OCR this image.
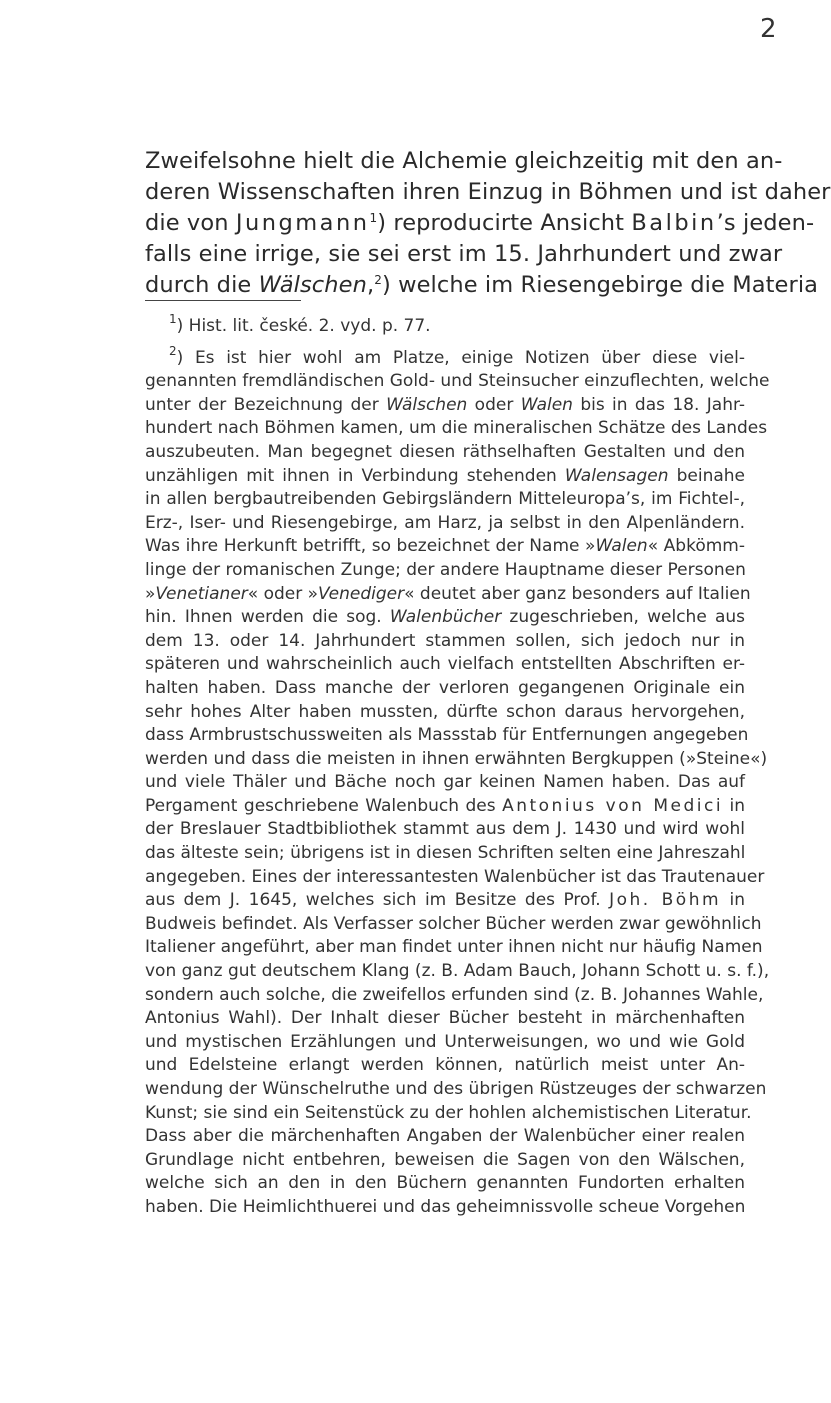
2
Zweifelsohne hielt die Alchemie gleichzeitig mit den an-
deren Wissenschaften ihren Einzug in Böhmen und ist daher
die von Jungmann$^1$) reproducirte Ansicht Balbin’s jeden-
falls eine irrige, sie sei erst im 15. Jahrhundert und zwar
durch die Wälschen,$^2$) welche im Riesengebirge die Materia
$^1$) Hist. lit. české. 2. vyd. p. 77.
$^2$) Es ist hier wohl am Platze, einige Notizen über diese viel-
genannten fremdländischen Gold- und Steinsucher einzuflechten, welche
unter der Bezeichnung der Wälschen oder Walen bis in das 18. Jahr-
hundert nach Böhmen kamen, um die mineralischen Schätze des Landes
auszubeuten. Man begegnet diesen räthselhaften Gestalten und den
unzähligen mit ihnen in Verbindung stehenden Walensagen beinahe
in allen bergbautreibenden Gebirgsländern Mitteleuropa’s, im Fichtel-,
Erz-, Iser- und Riesengebirge, am Harz, ja selbst in den Alpenländern.
Was ihre Herkunft betrifft, so bezeichnet der Name »Walen« Abkömm-
linge der romanischen Zunge; der andere Hauptname dieser Personen
»Venetianer« oder »Venediger« deutet aber ganz besonders auf Italien
hin. Ihnen werden die sog. Walenbücher zugeschrieben, welche aus
dem 13. oder 14. Jahrhundert stammen sollen, sich jedoch nur in
späteren und wahrscheinlich auch vielfach entstellten Abschriften er-
halten haben. Dass manche der verloren gegangenen Originale ein
sehr hohes Alter haben mussten, dürfte schon daraus hervorgehen,
dass Armbrustschussweiten als Massstab für Entfernungen angegeben
werden und dass die meisten in ihnen erwähnten Bergkuppen (»Steine«)
und viele Thäler und Bäche noch gar keinen Namen haben. Das auf
Pergament geschriebene Walenbuch des Antonius von Medici in
der Breslauer Stadtbibliothek stammt aus dem J. 1430 und wird wohl
das älteste sein; übrigens ist in diesen Schriften selten eine Jahreszahl
angegeben. Eines der interessantesten Walenbücher ist das Trautenauer
aus dem J. 1645, welches sich im Besitze des Prof. Joh. Böhm in
Budweis befindet. Als Verfasser solcher Bücher werden zwar gewöhnlich
Italiener angeführt, aber man findet unter ihnen nicht nur häufig Namen
von ganz gut deutschem Klang (z. B. Adam Bauch, Johann Schott u. s. f.),
sondern auch solche, die zweifellos erfunden sind (z. B. Johannes Wahle,
Antonius Wahl). Der Inhalt dieser Bücher besteht in märchenhaften
und mystischen Erzählungen und Unterweisungen, wo und wie Gold
und Edelsteine erlangt werden können, natürlich meist unter An-
wendung der Wünschelruthe und des übrigen Rüstzeuges der schwarzen
Kunst; sie sind ein Seitenstück zu der hohlen alchemistischen Literatur.
Dass aber die märchenhaften Angaben der Walenbücher einer realen
Grundlage nicht entbehren, beweisen die Sagen von den Wälschen,
welche sich an den in den Büchern genannten Fundorten erhalten
haben. Die Heimlichthuerei und das geheimnissvolle scheue Vorgehen
